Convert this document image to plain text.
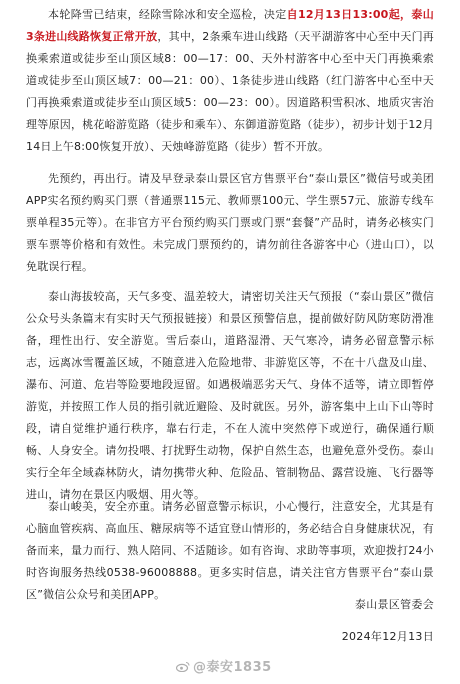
本轮降雪已结束，经除雪除冰和安全巡检，决定自12月13日13:00起，泰山3条进山线路恢复正常开放，其中，2条乘车进山线路（天平湖游客中心至中天门再换乘索道或徒步至山顶区域8：00—17：00、天外村游客中心至中天门再换乘索道或徒步至山顶区域7：00—21：00）、1条徒步进山线路（红门游客中心至中天门再换乘索道或徒步至山顶区域5：00—23：00）。因道路积雪积冰、地质灾害治理等原因，桃花峪游览路（徒步和乘车）、东御道游览路（徒步），初步计划于12月14日上午8:00恢复开放）、天烛峰游览路（徒步）暂不开放。

先预约，再出行。请及早登录泰山景区官方售票平台“泰山景区”微信号或美团APP实名预约购买门票（普通票115元、教师票100元、学生票57元、旅游专线车票单程35元等）。在非官方平台预约购买门票或门票“套餐”产品时，请务必核实门票车票等价格和有效性。未完成门票预约的，请勿前往各游客中心（进山口），以免耽误行程。

泰山海拔较高，天气多变、温差较大，请密切关注天气预报（“泰山景区”微信公众号头条篇末有实时天气预报链接）和景区预警信息，提前做好防风防寒防滑准备，理性出行、安全游览。雪后泰山，道路湿滑、天气寒冷，请务必留意警示标志，远离冰雪覆盖区域，不随意进入危险地带、非游览区等，不在十八盘及山崖、瀑布、河道、危岩等险要地段逗留。如遇极端恶劣天气、身体不适等，请立即暂停游览，并按照工作人员的指引就近避险、及时就医。另外，游客集中上山下山等时段，请自觉维护通行秩序，靠右行走，不在人流中突然停下或逆行，确保通行顺畅、人身安全。请勿投喂、打扰野生动物，保护自然生态，也避免意外受伤。泰山实行全年全域森林防火，请勿携带火种、危险品、管制物品、露营设施、飞行器等进山，请勿在景区内吸烟、用火等。

泰山峻美，安全亦重。请务必留意警示标识，小心慢行，注意安全，尤其是有心脑血管疾病、高血压、糖尿病等不适宜登山情形的，务必结合自身健康状况，有备而来，量力而行、熟人陪同、不适随诊。如有咨询、求助等事项，欢迎拨打24小时咨询服务热线0538-96008888。更多实时信息，请关注官方售票平台“泰山景区”微信公众号和美团APP。

泰山景区管委会
2024年12月13日
@泰安1835
